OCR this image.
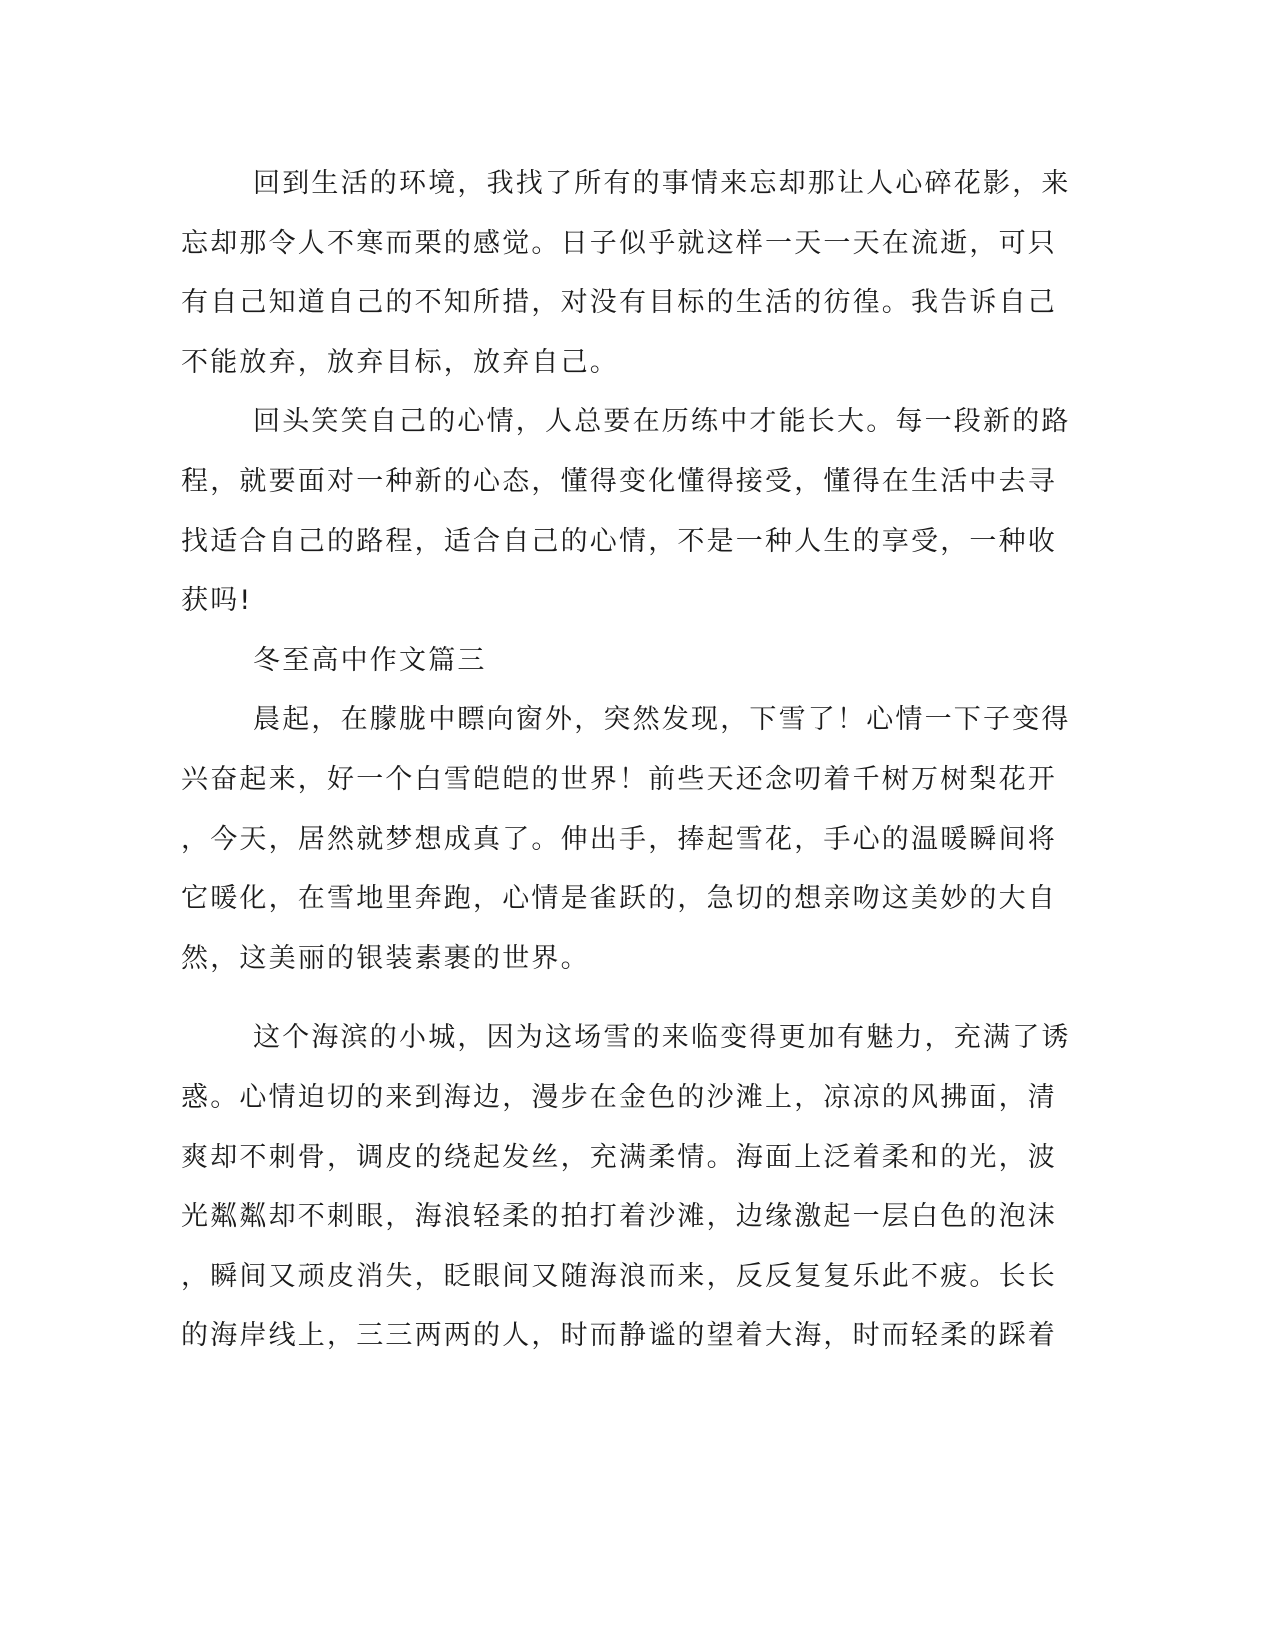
回到生活的环境，我找了所有的事情来忘却那让人心碎花影，来
忘却那令人不寒而栗的感觉。日子似乎就这样一天一天在流逝，可只
有自己知道自己的不知所措，对没有目标的生活的彷徨。我告诉自己
不能放弃，放弃目标，放弃自己。
回头笑笑自己的心情，人总要在历练中才能长大。每一段新的路
程，就要面对一种新的心态，懂得变化懂得接受，懂得在生活中去寻
找适合自己的路程，适合自己的心情，不是一种人生的享受，一种收
获吗!
冬至高中作文篇三
晨起，在朦胧中瞟向窗外，突然发现，下雪了！心情一下子变得
兴奋起来，好一个白雪皑皑的世界！前些天还念叨着千树万树梨花开
，今天，居然就梦想成真了。伸出手，捧起雪花，手心的温暖瞬间将
它暖化，在雪地里奔跑，心情是雀跃的，急切的想亲吻这美妙的大自
然，这美丽的银装素裹的世界。
这个海滨的小城，因为这场雪的来临变得更加有魅力，充满了诱
惑。心情迫切的来到海边，漫步在金色的沙滩上，凉凉的风拂面，清
爽却不刺骨，调皮的绕起发丝，充满柔情。海面上泛着柔和的光，波
光粼粼却不刺眼，海浪轻柔的拍打着沙滩，边缘激起一层白色的泡沫
，瞬间又顽皮消失，眨眼间又随海浪而来，反反复复乐此不疲。长长
的海岸线上，三三两两的人，时而静谧的望着大海，时而轻柔的踩着
